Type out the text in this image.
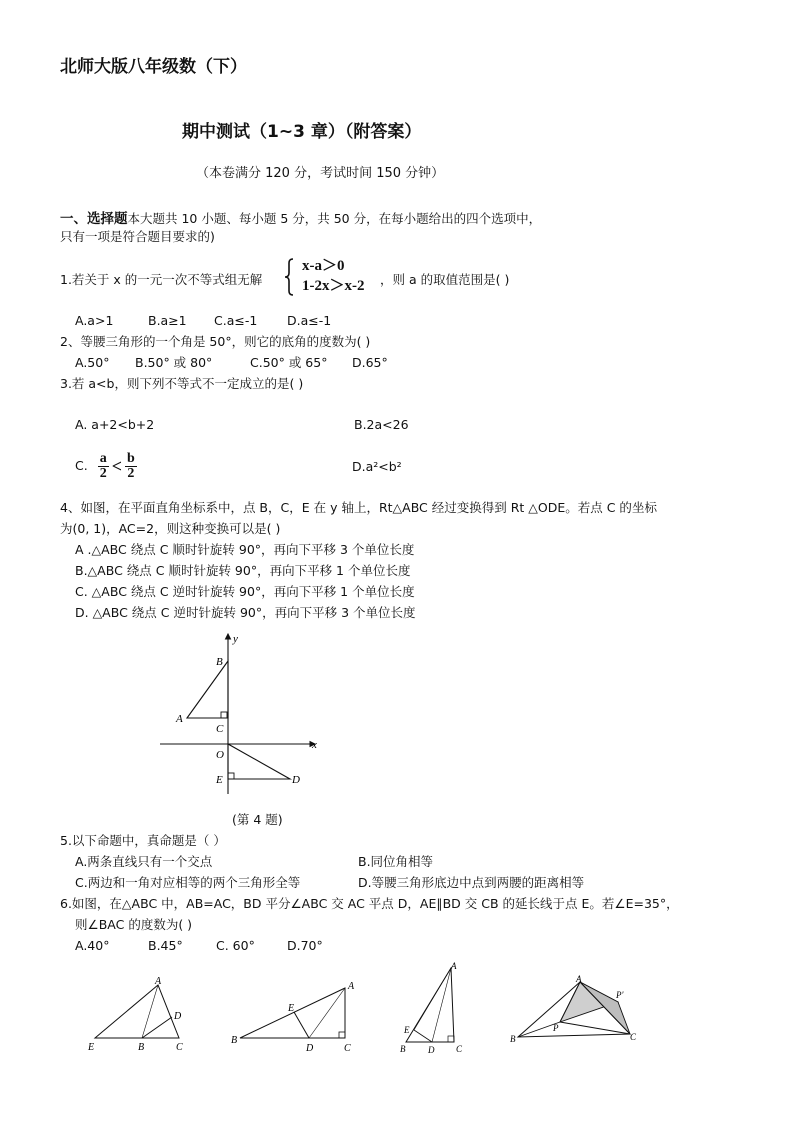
北师大版八年级数（下）
期中测试（1~3 章）（附答案）
（本卷满分 120 分，考试时间 150 分钟）
一、选择题本大题共 10 小题、每小题 5 分，共 50 分，在每小题给出的四个选项中，
只有一项是符合题目要求的)
1.若关于 x 的一元一次不等式组无解
x-a＞0
1-2x＞x-2 ，则 a 的取值范围是( )
A.a>1	B.a≥1 C.a≤-1 D.a≤-1
2、等腰三角形的一个角是 50°，则它的底角的度数为( )
A.50° B.50° 或 80°	C.50° 或 65° D.65°
3.若 a<b，则下列不等式不一定成立的是( )
A. a+2<b+2	B.2a<26
C. $\frac{a}{2} < \frac{b}{2}$	D.a²<b²
4、如图，在平面直角坐标系中，点 B，C，E 在 y 轴上，Rt△ABC 经过变换得到 Rt △ODE。若点 C 的坐标
为(0, 1)，AC=2，则这种变换可以是( )
A .△ABC 绕点 C 顺时针旋转 90°，再向下平移 3 个单位长度
B.△ABC 绕点 C 顺时针旋转 90°，再向下平移 1 个单位长度
C. △ABC 绕点 C 逆时针旋转 90°，再向下平移 1 个单位长度
D. △ABC 绕点 C 逆时针旋转 90°，再向下平移 3 个单位长度
y
x
B
A
C
O
E	D
(第 4 题)
5.以下命题中，真命题是（ ）
A.两条直线只有一个交点	B.同位角相等
C.两边和一角对应相等的两个三角形全等	D.等腰三角形底边中点到两腰的距离相等
6.如图，在△ABC 中，AB=AC，BD 平分∠ABC 交 AC 平点 D，AE∥BD 交 CB 的延长线于点 E。若∠E=35°，
则∠BAC 的度数为( )
A.40°	B.45°	C. 60°	D.70°
A
D
E	B	C
A
E
B
D	C
A
E
B	D C
A
P'
P
B	C
